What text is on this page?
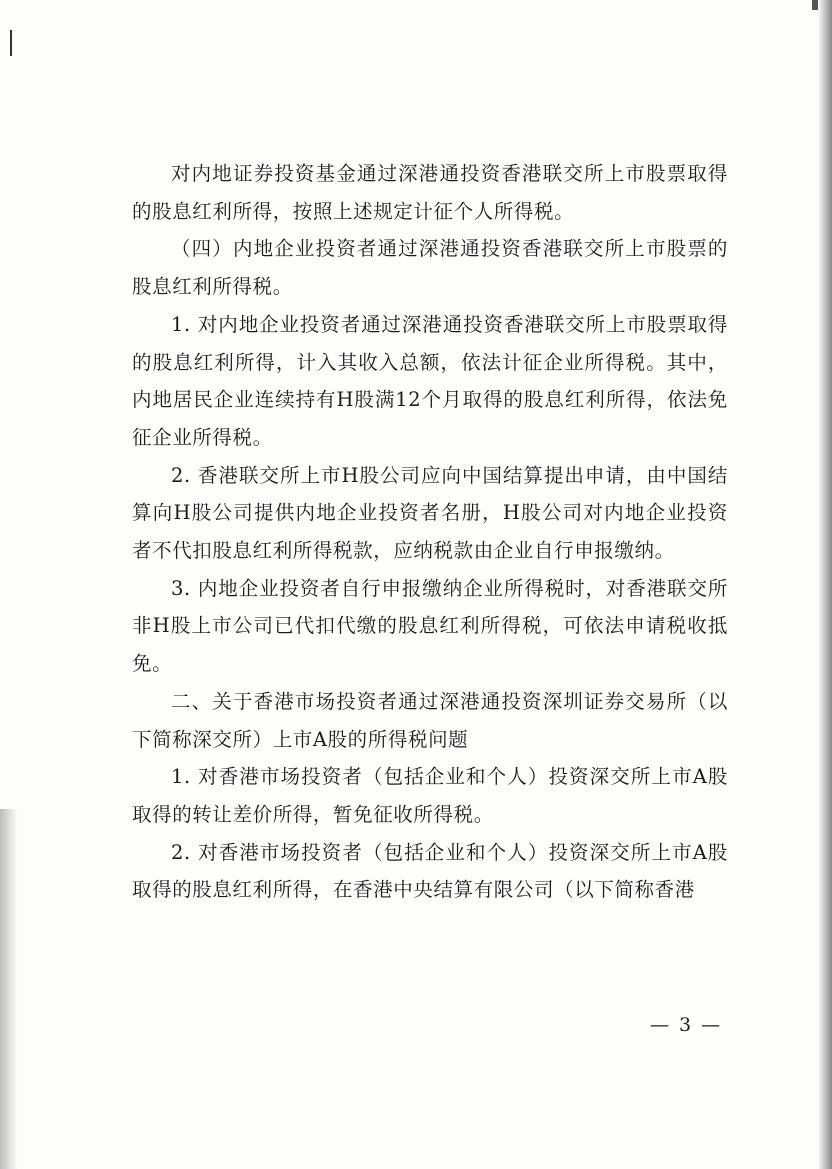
对内地证券投资基金通过深港通投资香港联交所上市股票取得的股息红利所得，按照上述规定计征个人所得税。

（四）内地企业投资者通过深港通投资香港联交所上市股票的股息红利所得税。

1. 对内地企业投资者通过深港通投资香港联交所上市股票取得的股息红利所得，计入其收入总额，依法计征企业所得税。其中，内地居民企业连续持有H股满12个月取得的股息红利所得，依法免征企业所得税。

2. 香港联交所上市H股公司应向中国结算提出申请，由中国结算向H股公司提供内地企业投资者名册，H股公司对内地企业投资者不代扣股息红利所得税款，应纳税款由企业自行申报缴纳。

3. 内地企业投资者自行申报缴纳企业所得税时，对香港联交所非H股上市公司已代扣代缴的股息红利所得税，可依法申请税收抵免。

二、关于香港市场投资者通过深港通投资深圳证券交易所（以下简称深交所）上市A股的所得税问题

1. 对香港市场投资者（包括企业和个人）投资深交所上市A股取得的转让差价所得，暂免征收所得税。

2. 对香港市场投资者（包括企业和个人）投资深交所上市A股取得的股息红利所得，在香港中央结算有限公司（以下简称香港

— 3 —
